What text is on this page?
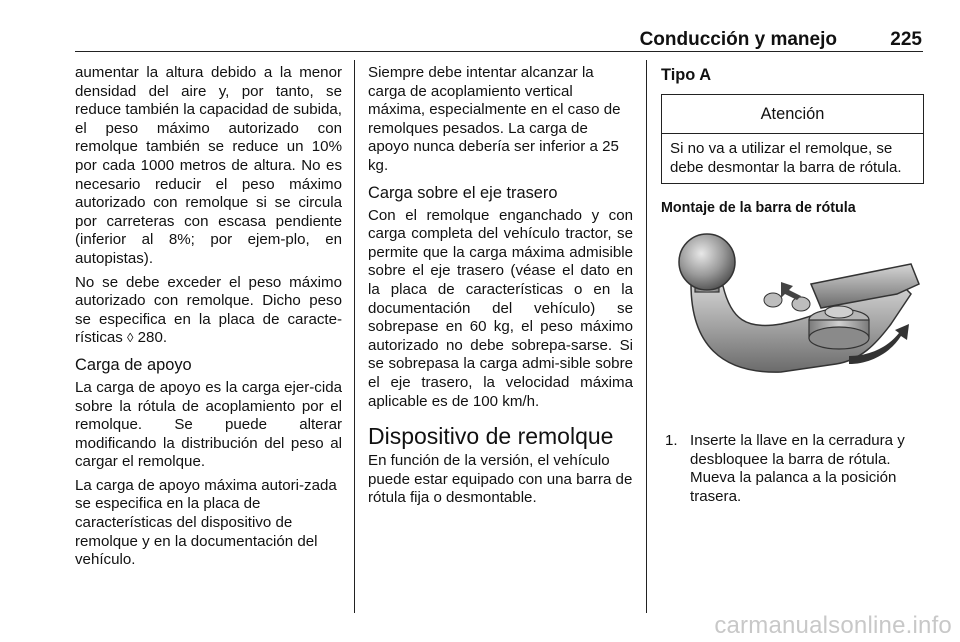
Conducción y manejo	225

aumentar la altura debido a la menor densidad del aire y, por tanto, se reduce también la capacidad de subida, el peso máximo autorizado con remolque también se reduce un 10% por cada 1000 metros de altura. No es necesario reducir el peso máximo autorizado con remolque si se circula por carreteras con escasa pendiente (inferior al 8%; por ejem‐plo, en autopistas).

No se debe exceder el peso máximo autorizado con remolque. Dicho peso se especifica en la placa de caracte‐rísticas ◊ 280.

Carga de apoyo

La carga de apoyo es la carga ejer‐cida sobre la rótula de acoplamiento por el remolque. Se puede alterar modificando la distribución del peso al cargar el remolque.

La carga de apoyo máxima autori‐zada se especifica en la placa de características del dispositivo de remolque y en la documentación del vehículo.

Siempre debe intentar alcanzar la carga de acoplamiento vertical máxima, especialmente en el caso de remolques pesados. La carga de apoyo nunca debería ser inferior a 25 kg.

Carga sobre el eje trasero

Con el remolque enganchado y con carga completa del vehículo tractor, se permite que la carga máxima admisible sobre el eje trasero (véase el dato en la placa de características o en la documentación del vehículo) se sobrepase en 60 kg, el peso máximo autorizado no debe sobrepa‐sarse. Si se sobrepasa la carga admi‐sible sobre el eje trasero, la velocidad máxima aplicable es de 100 km/h.

Dispositivo de remolque

En función de la versión, el vehículo puede estar equipado con una barra de rótula fija o desmontable.

Tipo A
Atención
Si no va a utilizar el remolque, se debe desmontar la barra de rótula.
Montaje de la barra de rótula
1. Inserte la llave en la cerradura y desbloquee la barra de rótula. Mueva la palanca a la posición trasera.
carmanualsonline.info
